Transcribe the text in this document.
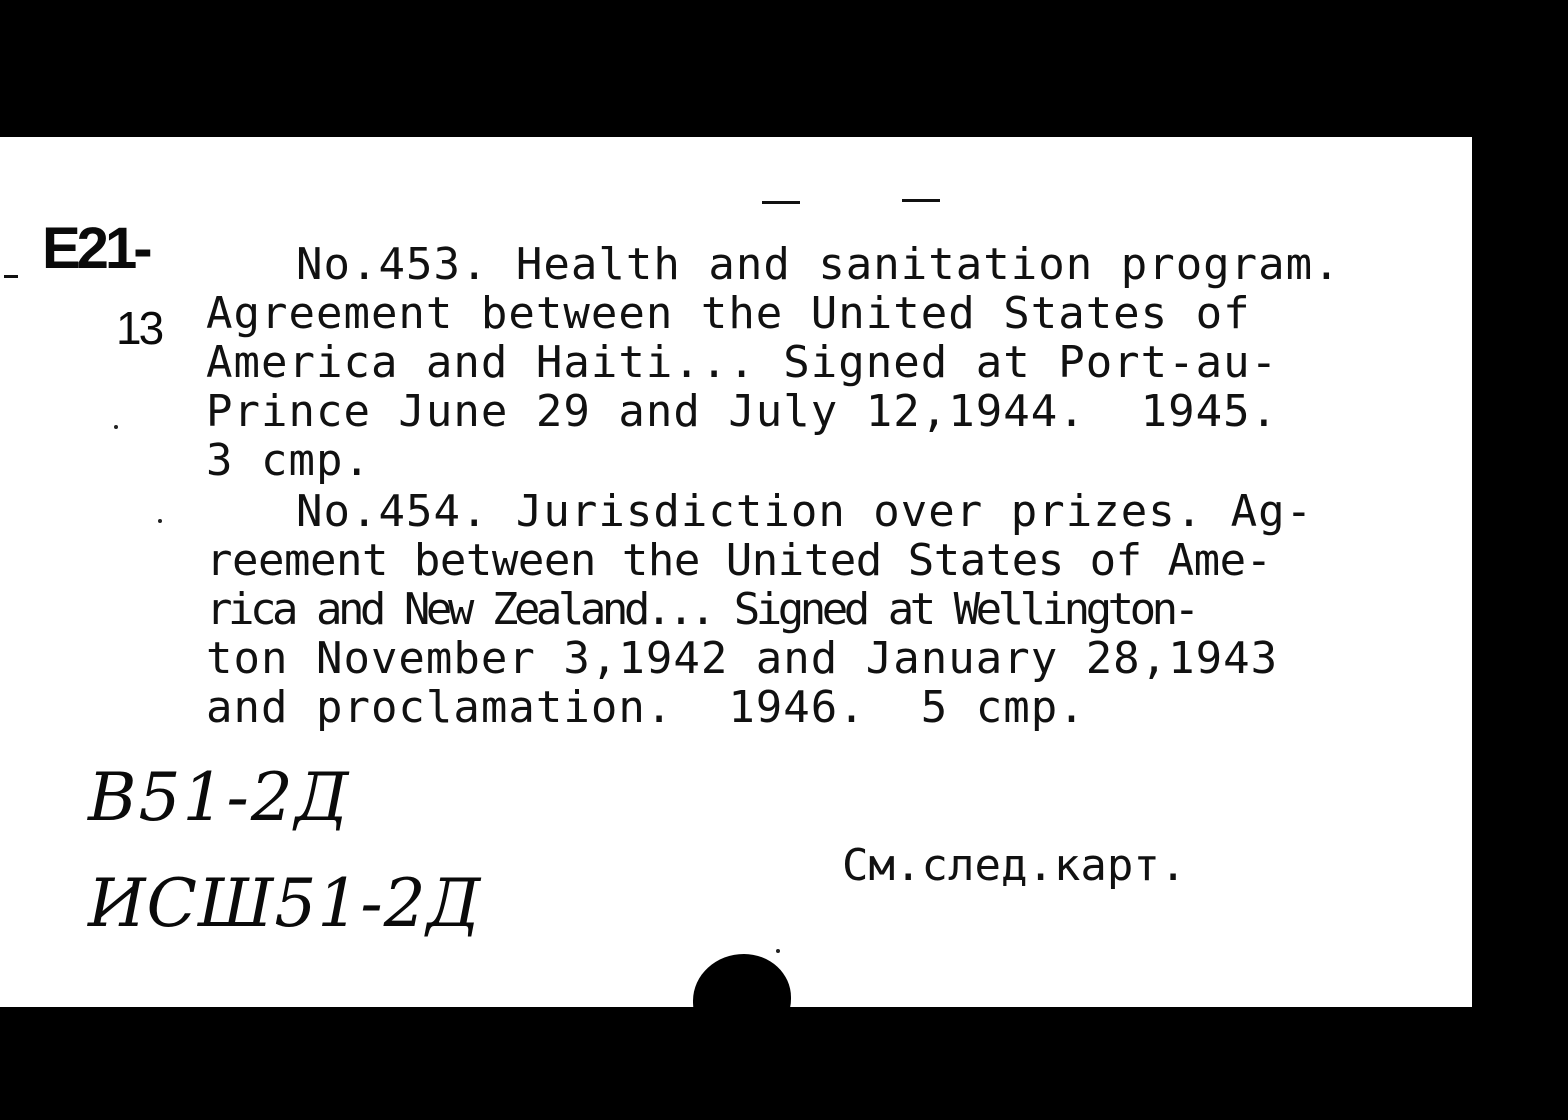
E21-
13
No.453. Health and sanitation program.
Agreement between the United States of
America and Haiti... Signed at Port-au-
Prince June 29 and July 12,1944.  1945.
3 cmp.
No.454. Jurisdiction over prizes. Ag-
reement between the United States of Ame-
rica and New Zealand... Signed at Wellington-
ton November 3,1942 and January 28,1943
and proclamation.  1946.  5 cmp.
B51-2Д
ИСШ51-2Д	См.след.карт.
